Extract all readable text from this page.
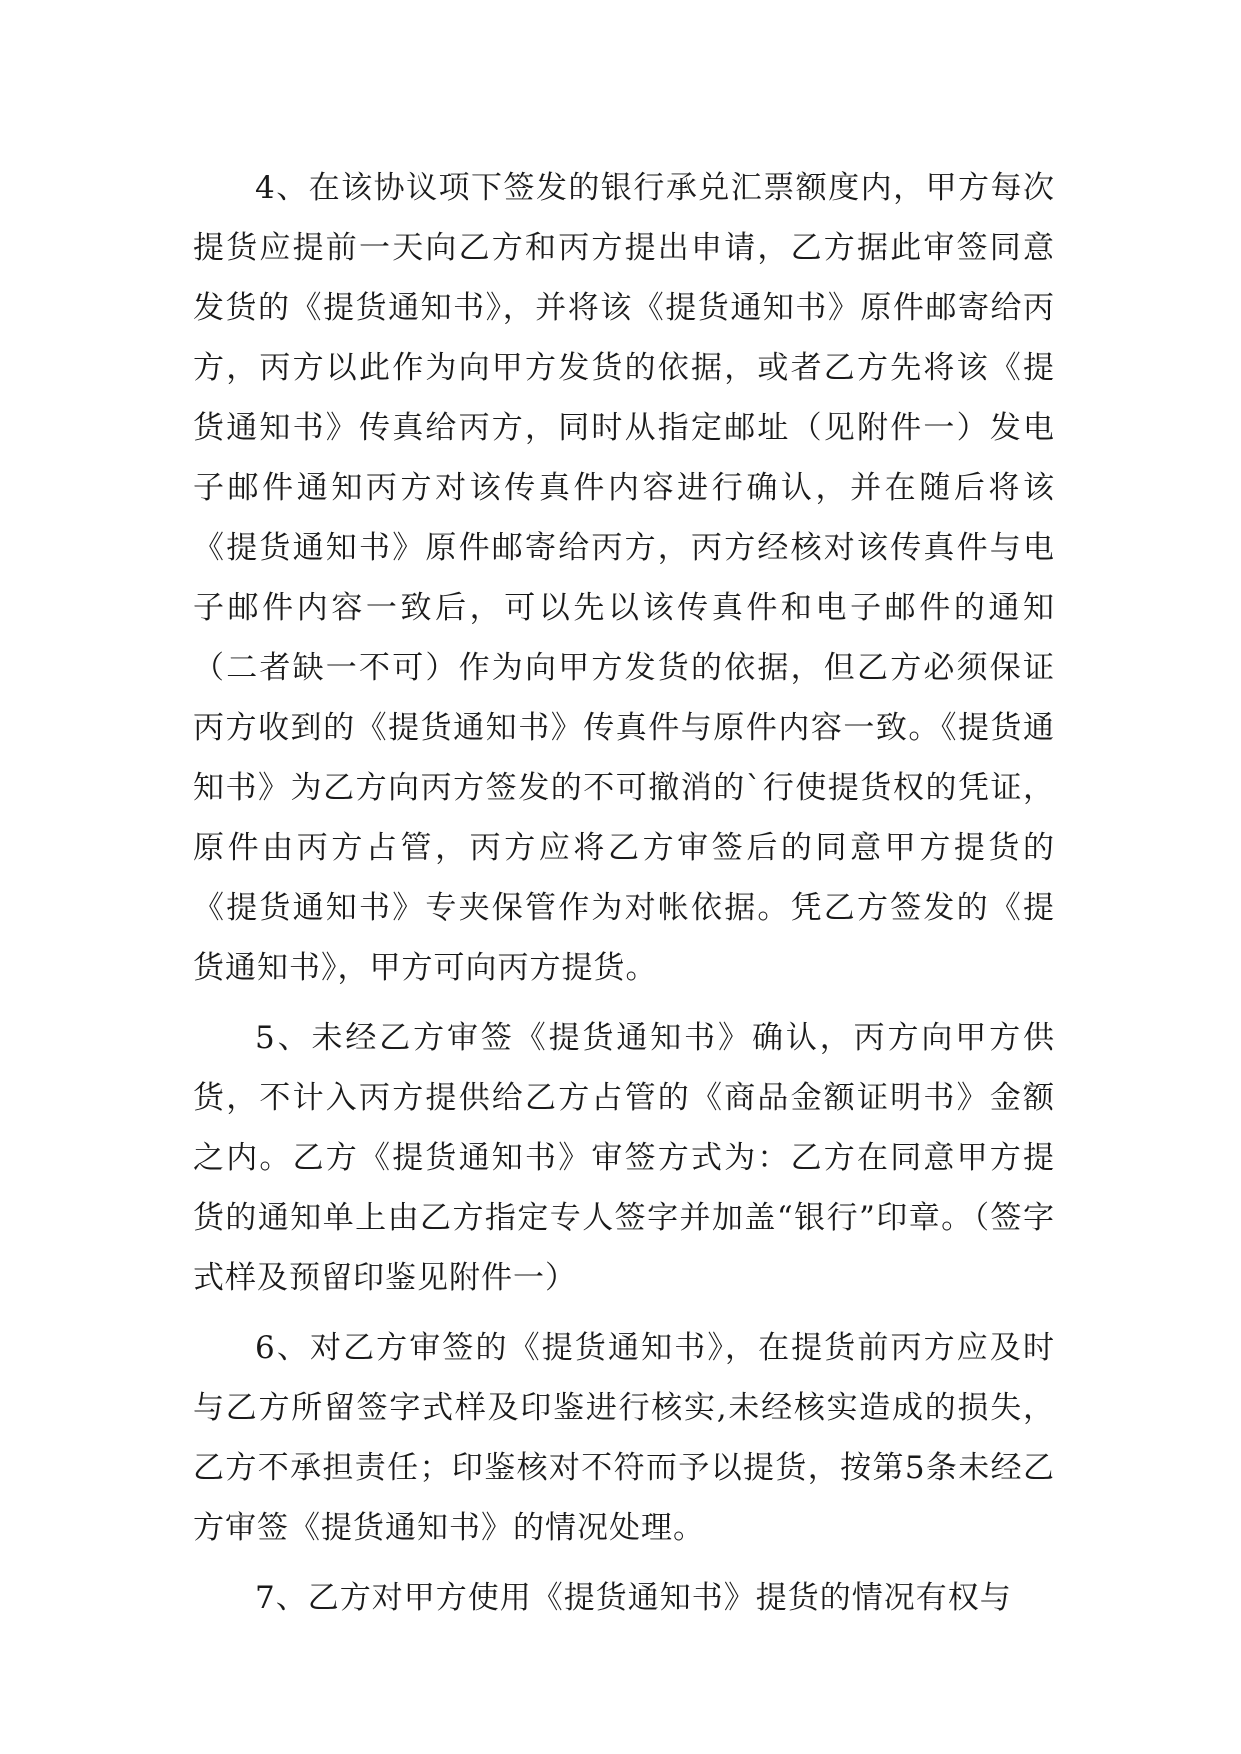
4、在该协议项下签发的银行承兑汇票额度内，甲方每次提货应提前一天向乙方和丙方提出申请，乙方据此审签同意发货的《提货通知书》，并将该《提货通知书》原件邮寄给丙方，丙方以此作为向甲方发货的依据，或者乙方先将该《提货通知书》传真给丙方，同时从指定邮址（见附件一）发电子邮件通知丙方对该传真件内容进行确认，并在随后将该《提货通知书》原件邮寄给丙方，丙方经核对该传真件与电子邮件内容一致后，可以先以该传真件和电子邮件的通知（二者缺一不可）作为向甲方发货的依据，但乙方必须保证丙方收到的《提货通知书》传真件与原件内容一致。《提货通知书》为乙方向丙方签发的不可撤消的`行使提货权的凭证，原件由丙方占管，丙方应将乙方审签后的同意甲方提货的《提货通知书》专夹保管作为对帐依据。凭乙方签发的《提货通知书》，甲方可向丙方提货。

5、未经乙方审签《提货通知书》确认，丙方向甲方供货，不计入丙方提供给乙方占管的《商品金额证明书》金额之内。乙方《提货通知书》审签方式为：乙方在同意甲方提货的通知单上由乙方指定专人签字并加盖“银行”印章。（签字式样及预留印鉴见附件一）

6、对乙方审签的《提货通知书》，在提货前丙方应及时与乙方所留签字式样及印鉴进行核实,未经核实造成的损失，乙方不承担责任；印鉴核对不符而予以提货，按第5条未经乙方审签《提货通知书》的情况处理。

7、乙方对甲方使用《提货通知书》提货的情况有权与
